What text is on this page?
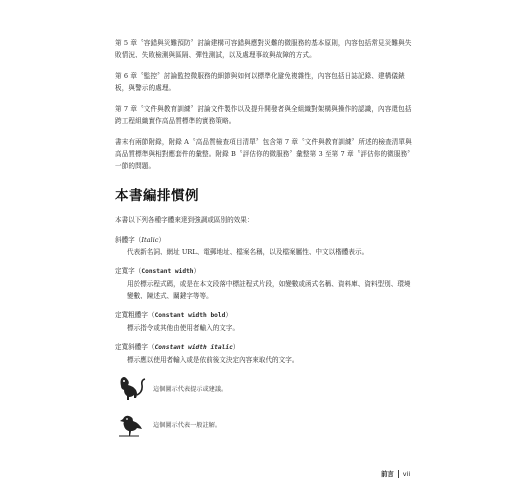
第 5 章〝容錯與災難預防〞討論建構可容錯與應對災難的微服務的基本原則，內容包括常見災難與失敗情況、失敗檢測與區隔、彈性測試，以及處理事故與故障的方式。

第 6 章〝監控〞討論監控微服務的細節與如何以標準化避免複雜性，內容包括日誌記錄、建構儀錶板，與警示的處理。

第 7 章〝文件與教育訓練〞討論文件製作以及提升開發者與全組織對架構與操作的認識，內容還包括跨工程組織實作高品質標準的實務策略。

書末有兩節附錄，附錄 A〝高品質檢查項目清單〞包含第 7 章〝文件與教育訓練〞所述的檢查清單與高品質標準與相對應套件的彙整。附錄 B〝評估你的微服務〞彙整第 3 至第 7 章〝評估你的微服務〞一節的問題。

本書編排慣例

本書以下列各種字體來達到強調或區別的效果：

斜體字（Italic）

代表新名詞、網址 URL、電郵地址、檔案名稱，以及檔案屬性、中文以楷體表示。

定寬字（Constant width）

用於標示程式碼，或是在本文段落中標註程式片段，如變數或函式名稱、資料庫、資料型別、環境變數、陳述式、關鍵字等等。

定寬粗體字（Constant width bold）

標示指令或其他由使用者輸入的文字。

定寬斜體字（Constant width italic）

標示應以使用者輸入或是依前後文決定內容來取代的文字。

這個圖示代表提示或建議。
這個圖示代表一般註解。
前言 vii
